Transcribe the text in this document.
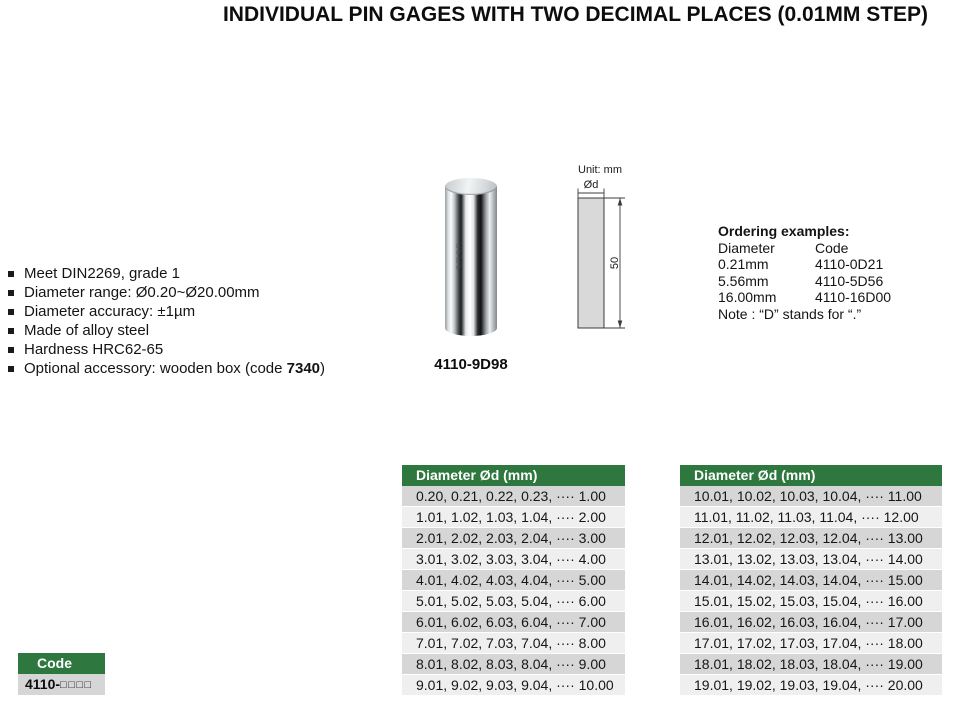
INDIVIDUAL PIN GAGES WITH TWO DECIMAL PLACES (0.01MM STEP)
Meet DIN2269, grade 1
Diameter range: Ø0.20~Ø20.00mm
Diameter accuracy: ±1µm
Made of alloy steel
Hardness HRC62-65
Optional accessory: wooden box (code 7340)
9D98
4110-9D98
Unit: mm
Ød
50
Ordering examples:
Diameter	Code
0.21mm	4110-0D21
5.56mm	4110-5D56
16.00mm	4110-16D00
Note : “D” stands for “.”
Diameter Ød (mm)
0.20, 0.21, 0.22, 0.23, ···· 1.00
1.01, 1.02, 1.03, 1.04, ···· 2.00
2.01, 2.02, 2.03, 2.04, ···· 3.00
3.01, 3.02, 3.03, 3.04, ···· 4.00
4.01, 4.02, 4.03, 4.04, ···· 5.00
5.01, 5.02, 5.03, 5.04, ···· 6.00
6.01, 6.02, 6.03, 6.04, ···· 7.00
7.01, 7.02, 7.03, 7.04, ···· 8.00
8.01, 8.02, 8.03, 8.04, ···· 9.00
9.01, 9.02, 9.03, 9.04, ···· 10.00
Diameter Ød (mm)
10.01, 10.02, 10.03, 10.04, ···· 11.00
11.01, 11.02, 11.03, 11.04, ···· 12.00
12.01, 12.02, 12.03, 12.04, ···· 13.00
13.01, 13.02, 13.03, 13.04, ···· 14.00
14.01, 14.02, 14.03, 14.04, ···· 15.00
15.01, 15.02, 15.03, 15.04, ···· 16.00
16.01, 16.02, 16.03, 16.04, ···· 17.00
17.01, 17.02, 17.03, 17.04, ···· 18.00
18.01, 18.02, 18.03, 18.04, ···· 19.00
19.01, 19.02, 19.03, 19.04, ···· 20.00
Code
4110-□□□□
